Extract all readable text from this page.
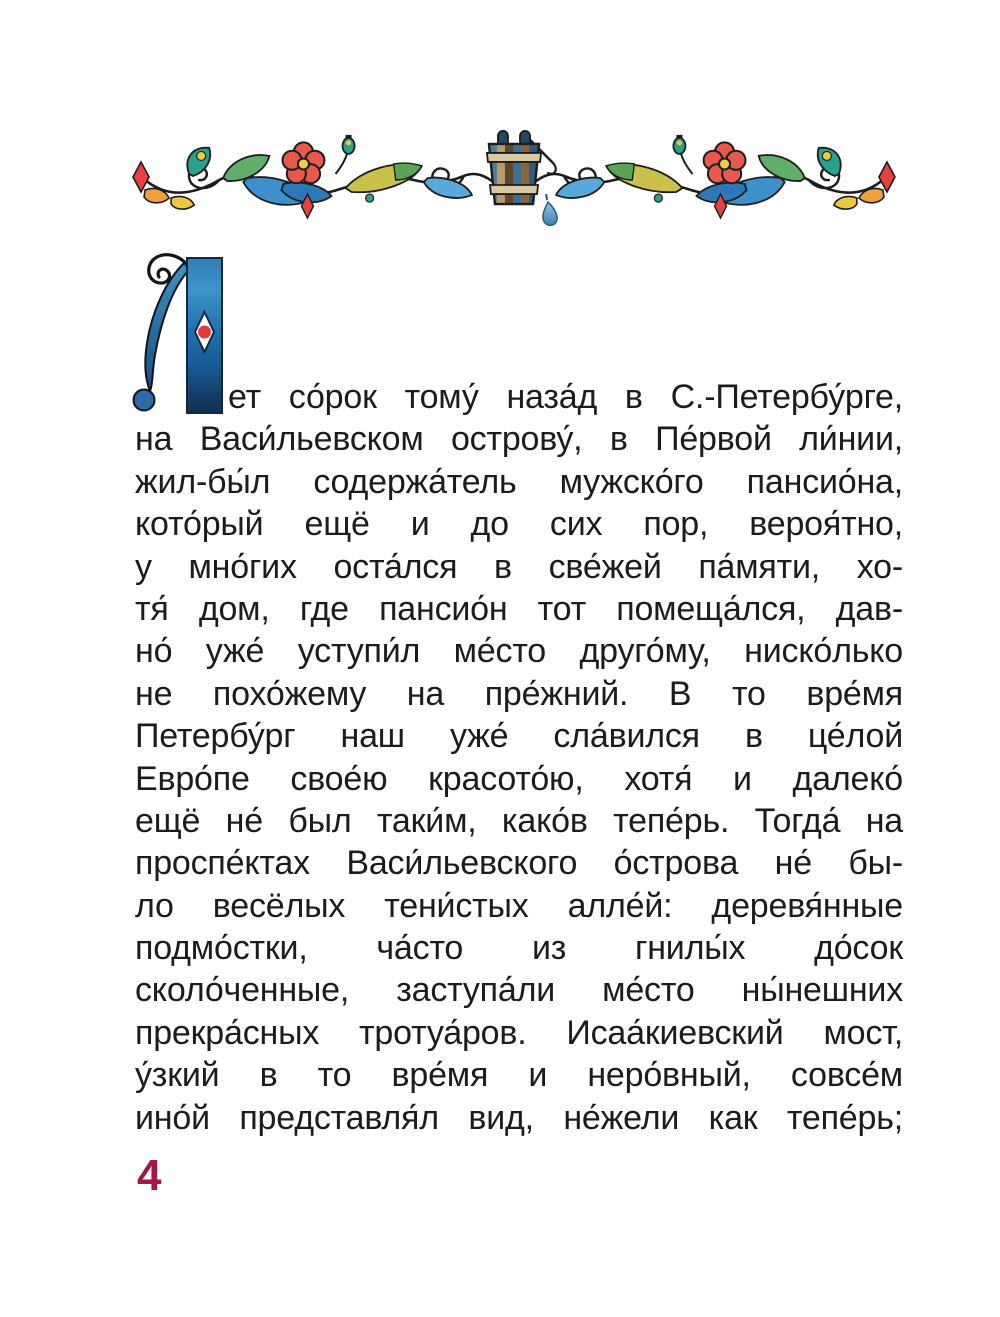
ет со́рок тому́ наза́д в С.-Петербу́рге,
на Васи́льевском острову́, в Пе́рвой ли́нии,
жил-бы́л содержа́тель мужско́го пансио́на,
кото́рый ещё и до сих пор, вероя́тно,
у мно́гих оста́лся в све́жей па́мяти, хо-
тя́ дом, где пансио́н тот помеща́лся, дав-
но́ уже́ уступи́л ме́сто друго́му, ниско́лько
не похо́жему на пре́жний. В то вре́мя
Петербу́рг наш уже́ сла́вился в це́лой
Евро́пе свое́ю красото́ю, хотя́ и далеко́
ещё не́ был таки́м, како́в тепе́рь. Тогда́ на
проспе́ктах Васи́льевского о́строва не́ бы-
ло весёлых тени́стых алле́й: деревя́нные
подмо́стки, ча́сто из гнилы́х до́сок
сколо́ченные, заступа́ли ме́сто ны́нешних
прекра́сных тротуа́ров. Исаа́киевский мост,
у́зкий в то вре́мя и неро́вный, совсе́м
ино́й представля́л вид, не́жели как тепе́рь;
4
